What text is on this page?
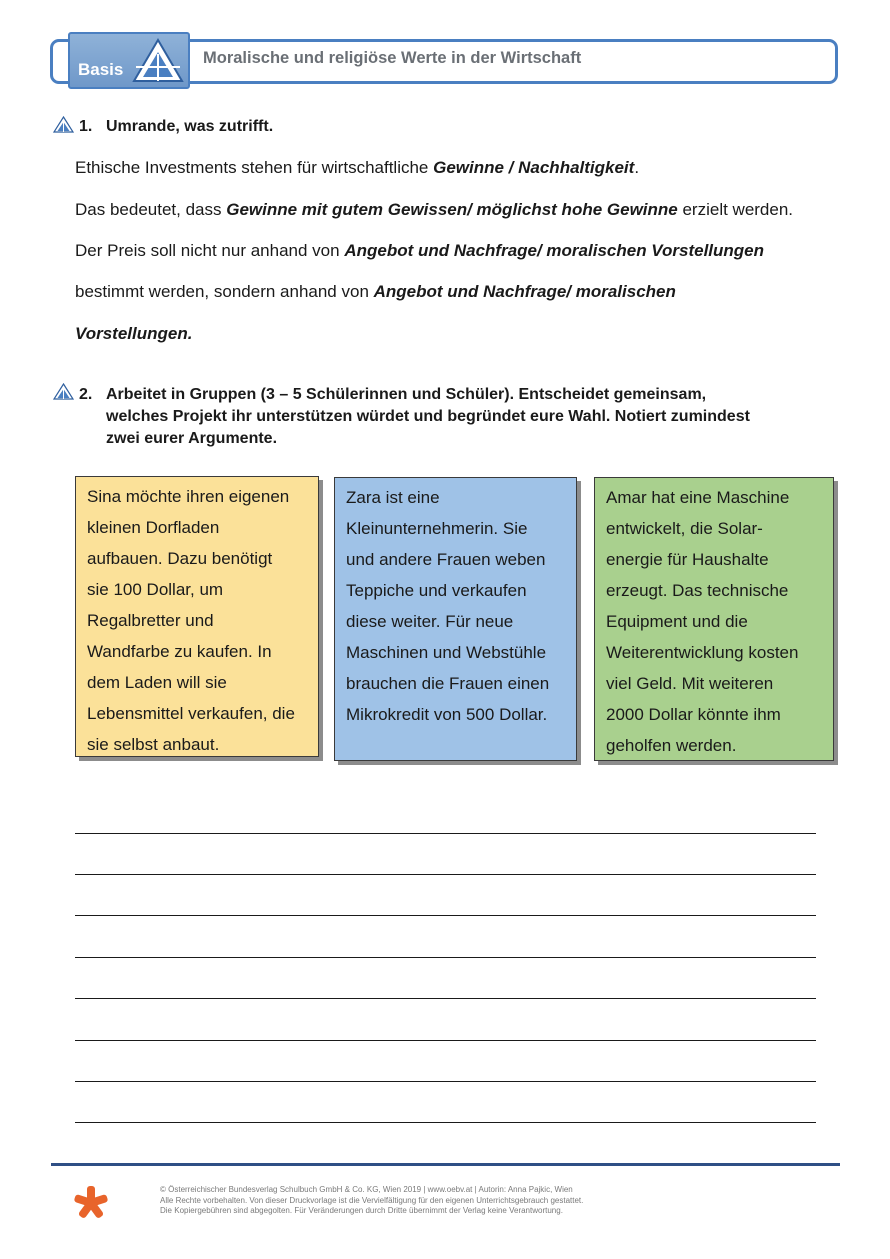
Moralische und religiöse Werte in der Wirtschaft
Basis
1. Umrande, was zutrifft.
Ethische Investments stehen für wirtschaftliche Gewinne / Nachhaltigkeit.
Das bedeutet, dass Gewinne mit gutem Gewissen/ möglichst hohe Gewinne erzielt werden.
Der Preis soll nicht nur anhand von Angebot und Nachfrage/ moralischen Vorstellungen
bestimmt werden, sondern anhand von Angebot und Nachfrage/ moralischen
Vorstellungen.
2. Arbeitet in Gruppen (3 – 5 Schülerinnen und Schüler). Entscheidet gemeinsam,
welches Projekt ihr unterstützen würdet und begründet eure Wahl. Notiert zumindest
zwei eurer Argumente.
Sina möchte ihren eigenen
kleinen Dorfladen
aufbauen. Dazu benötigt
sie 100 Dollar, um
Regalbretter und
Wandfarbe zu kaufen. In
dem Laden will sie
Lebensmittel verkaufen, die
sie selbst anbaut.
Zara ist eine
Kleinunternehmerin. Sie
und andere Frauen weben
Teppiche und verkaufen
diese weiter. Für neue
Maschinen und Webstühle
brauchen die Frauen einen
Mikrokredit von 500 Dollar.
Amar hat eine Maschine
entwickelt, die Solar-
energie für Haushalte
erzeugt. Das technische
Equipment und die
Weiterentwicklung kosten
viel Geld. Mit weiteren
2000 Dollar könnte ihm
geholfen werden.
© Österreichischer Bundesverlag Schulbuch GmbH & Co. KG, Wien 2019 | www.oebv.at | Autorin: Anna Pajkic, Wien
Alle Rechte vorbehalten. Von dieser Druckvorlage ist die Vervielfältigung für den eigenen Unterrichtsgebrauch gestattet.
Die Kopiergebühren sind abgegolten. Für Veränderungen durch Dritte übernimmt der Verlag keine Verantwortung.
